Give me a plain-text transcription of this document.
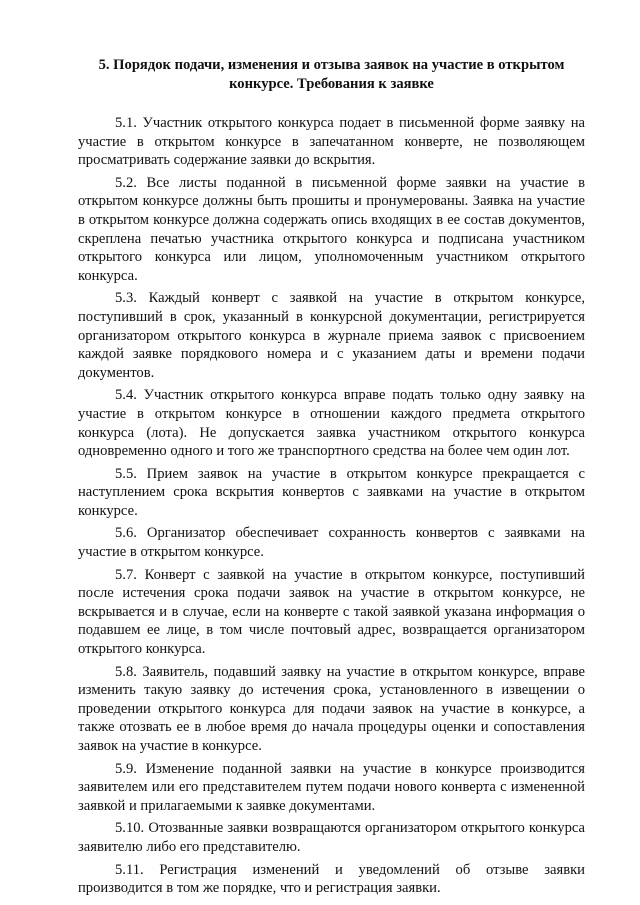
5. Порядок подачи, изменения и отзыва заявок на участие в открытом конкурсе. Требования к заявке

5.1. Участник открытого конкурса подает в письменной форме заявку на участие в открытом конкурсе в запечатанном конверте, не позволяющем просматривать содержание заявки до вскрытия.

5.2. Все листы поданной в письменной форме заявки на участие в открытом конкурсе должны быть прошиты и пронумерованы. Заявка на участие в открытом конкурсе должна содержать опись входящих в ее состав документов, скреплена печатью участника открытого конкурса и подписана участником открытого конкурса или лицом, уполномоченным участником открытого конкурса.

5.3. Каждый конверт с заявкой на участие в открытом конкурсе, поступивший в срок, указанный в конкурсной документации, регистрируется организатором открытого конкурса в журнале приема заявок с присвоением каждой заявке порядкового номера и с указанием даты и времени подачи документов.

5.4. Участник открытого конкурса вправе подать только одну заявку на участие в открытом конкурсе в отношении каждого предмета открытого конкурса (лота). Не допускается заявка участником открытого конкурса одновременно одного и того же транспортного средства на более чем один лот.

5.5. Прием заявок на участие в открытом конкурсе прекращается с наступлением срока вскрытия конвертов с заявками на участие в открытом конкурсе.

5.6. Организатор обеспечивает сохранность конвертов с заявками на участие в открытом конкурсе.

5.7. Конверт с заявкой на участие в открытом конкурсе, поступивший после истечения срока подачи заявок на участие в открытом конкурсе, не вскрывается и в случае, если на конверте с такой заявкой указана информация о подавшем ее лице, в том числе почтовый адрес, возвращается организатором открытого конкурса.

5.8. Заявитель, подавший заявку на участие в открытом конкурсе, вправе изменить такую заявку до истечения срока, установленного в извещении о проведении открытого конкурса для подачи заявок на участие в конкурсе, а также отозвать ее в любое время до начала процедуры оценки и сопоставления заявок на участие в конкурсе.

5.9. Изменение поданной заявки на участие в конкурсе производится заявителем или его представителем путем подачи нового конверта с измененной заявкой и прилагаемыми к заявке документами.

5.10. Отозванные заявки возвращаются организатором открытого конкурса заявителю либо его представителю.

5.11. Регистрация изменений и уведомлений об отзыве заявки производится в том же порядке, что и регистрация заявки.
